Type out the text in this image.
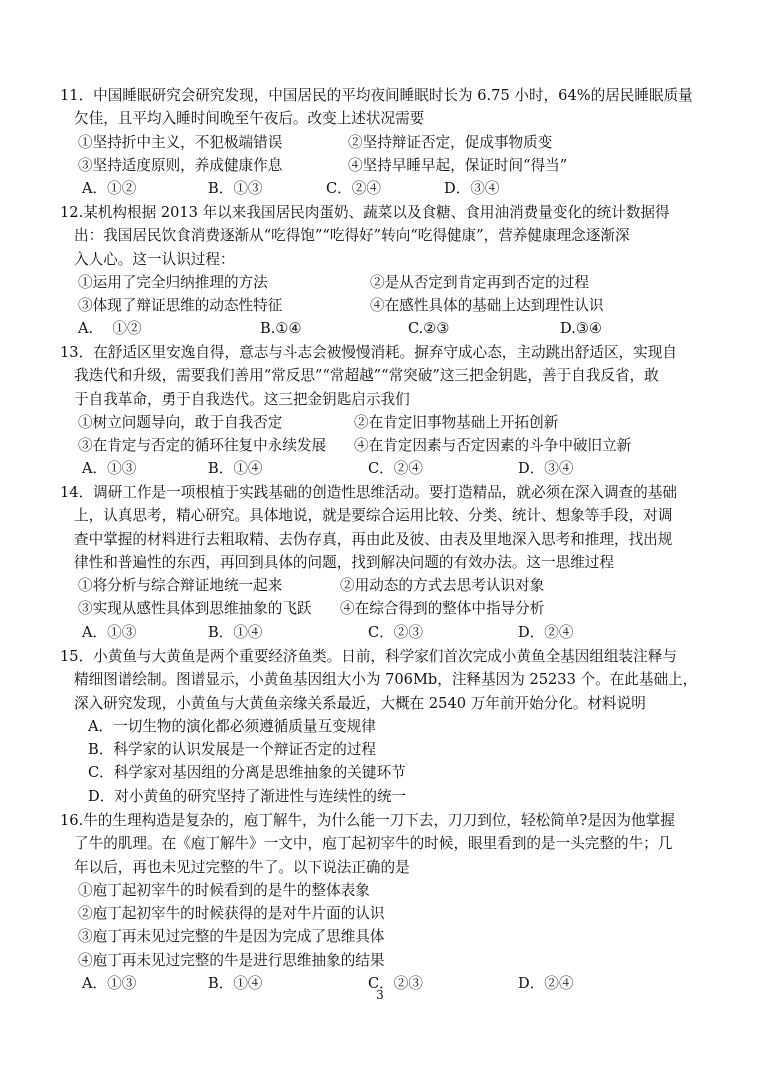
11．中国睡眠研究会研究发现，中国居民的平均夜间睡眠时长为 6.75 小时，64%的居民睡眠质量
欠佳，且平均入睡时间晚至午夜后。改变上述状况需要
①坚持折中主义，不犯极端错误	②坚持辩证否定，促成事物质变
③坚持适度原则，养成健康作息	④坚持早睡早起，保证时间“得当”
A．①②	B．①③	C．②④	D．③④
12.某机构根据 2013 年以来我国居民肉蛋奶、蔬菜以及食糖、食用油消费量变化的统计数据得
出：我国居民饮食消费逐渐从“吃得饱”“吃得好”转向“吃得健康”，营养健康理念逐渐深
入人心。这一认识过程：
①运用了完全归纳推理的方法	②是从否定到肯定再到否定的过程
③体现了辩证思维的动态性特征	④在感性具体的基础上达到理性认识
A.　 ①②	B.①④	C.②③	D.③④
13．在舒适区里安逸自得，意志与斗志会被慢慢消耗。摒弃守成心态，主动跳出舒适区，实现自
我迭代和升级，需要我们善用“常反思”“常超越”“常突破”这三把金钥匙，善于自我反省，敢
于自我革命，勇于自我迭代。这三把金钥匙启示我们
①树立问题导向，敢于自我否定	②在肯定旧事物基础上开拓创新
③在肯定与否定的循环往复中永续发展	④在肯定因素与否定因素的斗争中破旧立新
A．①③	B．①④	C．②④	D．③④
14．调研工作是一项根植于实践基础的创造性思维活动。要打造精品，就必须在深入调查的基础
上，认真思考，精心研究。具体地说，就是要综合运用比较、分类、统计、想象等手段，对调
查中掌握的材料进行去粗取精、去伪存真，再由此及彼、由表及里地深入思考和推理，找出规
律性和普遍性的东西，再回到具体的问题，找到解决问题的有效办法。这一思维过程
①将分析与综合辩证地统一起来	②用动态的方式去思考认识对象
③实现从感性具体到思维抽象的飞跃	④在综合得到的整体中指导分析
A．①③	B．①④	C．②③	D．②④
15．小黄鱼与大黄鱼是两个重要经济鱼类。日前，科学家们首次完成小黄鱼全基因组组装注释与
精细图谱绘制。图谱显示，小黄鱼基因组大小为 706Mb，注释基因为 25233 个。在此基础上，
深入研究发现，小黄鱼与大黄鱼亲缘关系最近，大概在 2540 万年前开始分化。材料说明
A．一切生物的演化都必须遵循质量互变规律
B．科学家的认识发展是一个辩证否定的过程
C．科学家对基因组的分离是思维抽象的关键环节
D．对小黄鱼的研究坚持了渐进性与连续性的统一
16.牛的生理构造是复杂的，庖丁解牛，为什么能一刀下去，刀刀到位，轻松简单?是因为他掌握
了牛的肌理。在《庖丁解牛》一文中，庖丁起初宰牛的时候，眼里看到的是一头完整的牛；几
年以后，再也未见过完整的牛了。以下说法正确的是
①庖丁起初宰牛的时候看到的是牛的整体表象
②庖丁起初宰牛的时候获得的是对牛片面的认识
③庖丁再未见过完整的牛是因为完成了思维具体
④庖丁再未见过完整的牛是进行思维抽象的结果
A．①③	B．①④	C．②③	D．②④
3
